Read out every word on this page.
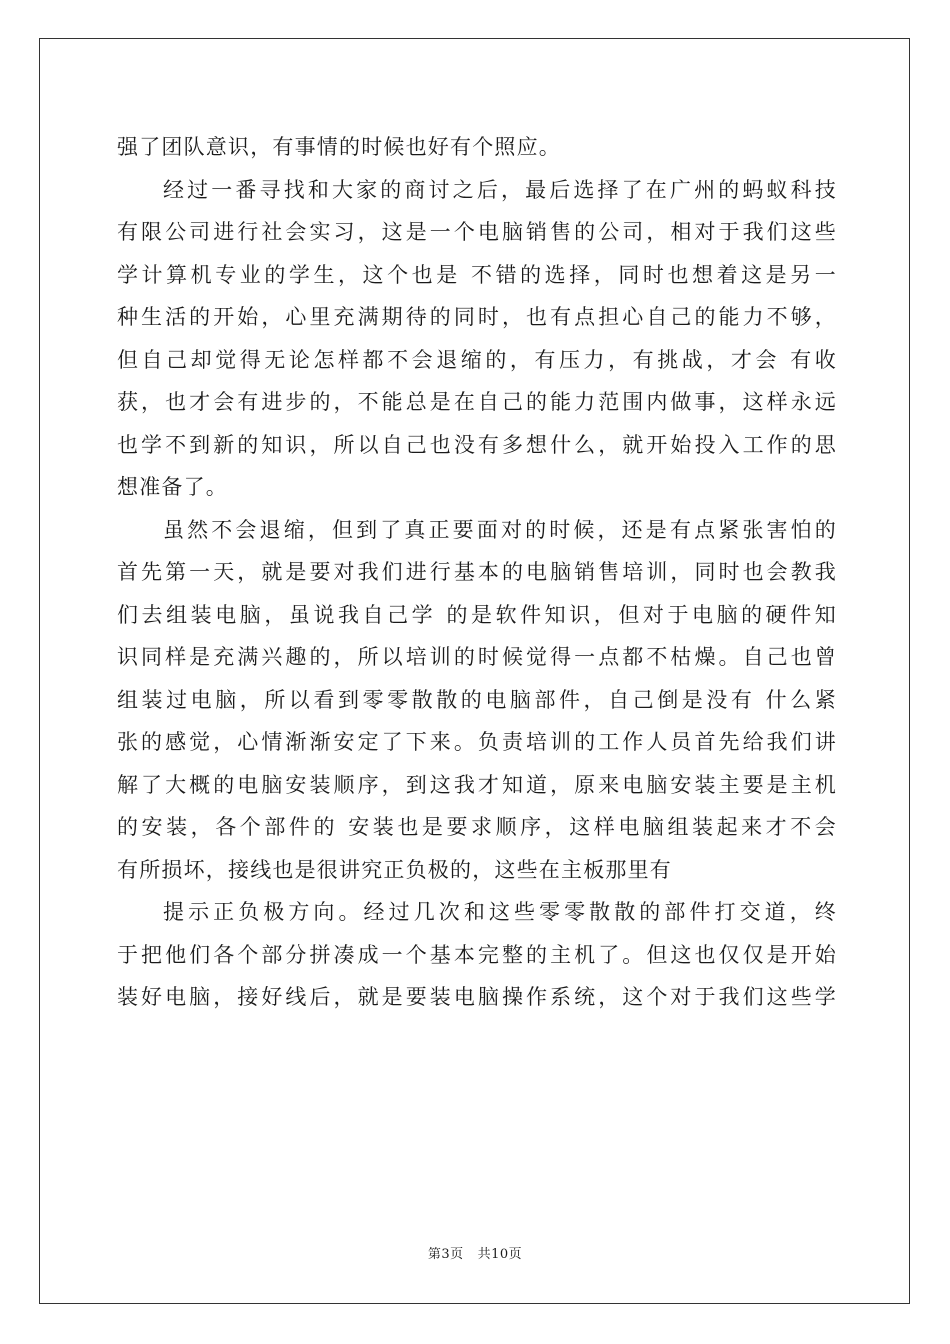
强了团队意识，有事情的时候也好有个照应。
经过一番寻找和大家的商讨之后，最后选择了在广州的蚂蚁科技
有限公司进行社会实习，这是一个电脑销售的公司，相对于我们这些
学计算机专业的学生，这个也是 不错的选择，同时也想着这是另一
种生活的开始，心里充满期待的同时，也有点担心自己的能力不够，
但自己却觉得无论怎样都不会退缩的，有压力，有挑战，才会 有收
获，也才会有进步的，不能总是在自己的能力范围内做事，这样永远
也学不到新的知识，所以自己也没有多想什么，就开始投入工作的思
想准备了。
虽然不会退缩，但到了真正要面对的时候，还是有点紧张害怕的
首先第一天，就是要对我们进行基本的电脑销售培训，同时也会教我
们去组装电脑，虽说我自己学 的是软件知识，但对于电脑的硬件知
识同样是充满兴趣的，所以培训的时候觉得一点都不枯燥。自己也曾
组装过电脑，所以看到零零散散的电脑部件，自己倒是没有 什么紧
张的感觉，心情渐渐安定了下来。负责培训的工作人员首先给我们讲
解了大概的电脑安装顺序，到这我才知道，原来电脑安装主要是主机
的安装，各个部件的 安装也是要求顺序，这样电脑组装起来才不会
有所损坏，接线也是很讲究正负极的，这些在主板那里有
提示正负极方向。经过几次和这些零零散散的部件打交道，终
于把他们各个部分拼凑成一个基本完整的主机了。但这也仅仅是开始
装好电脑，接好线后，就是要装电脑操作系统，这个对于我们这些学
第3页 共10页
